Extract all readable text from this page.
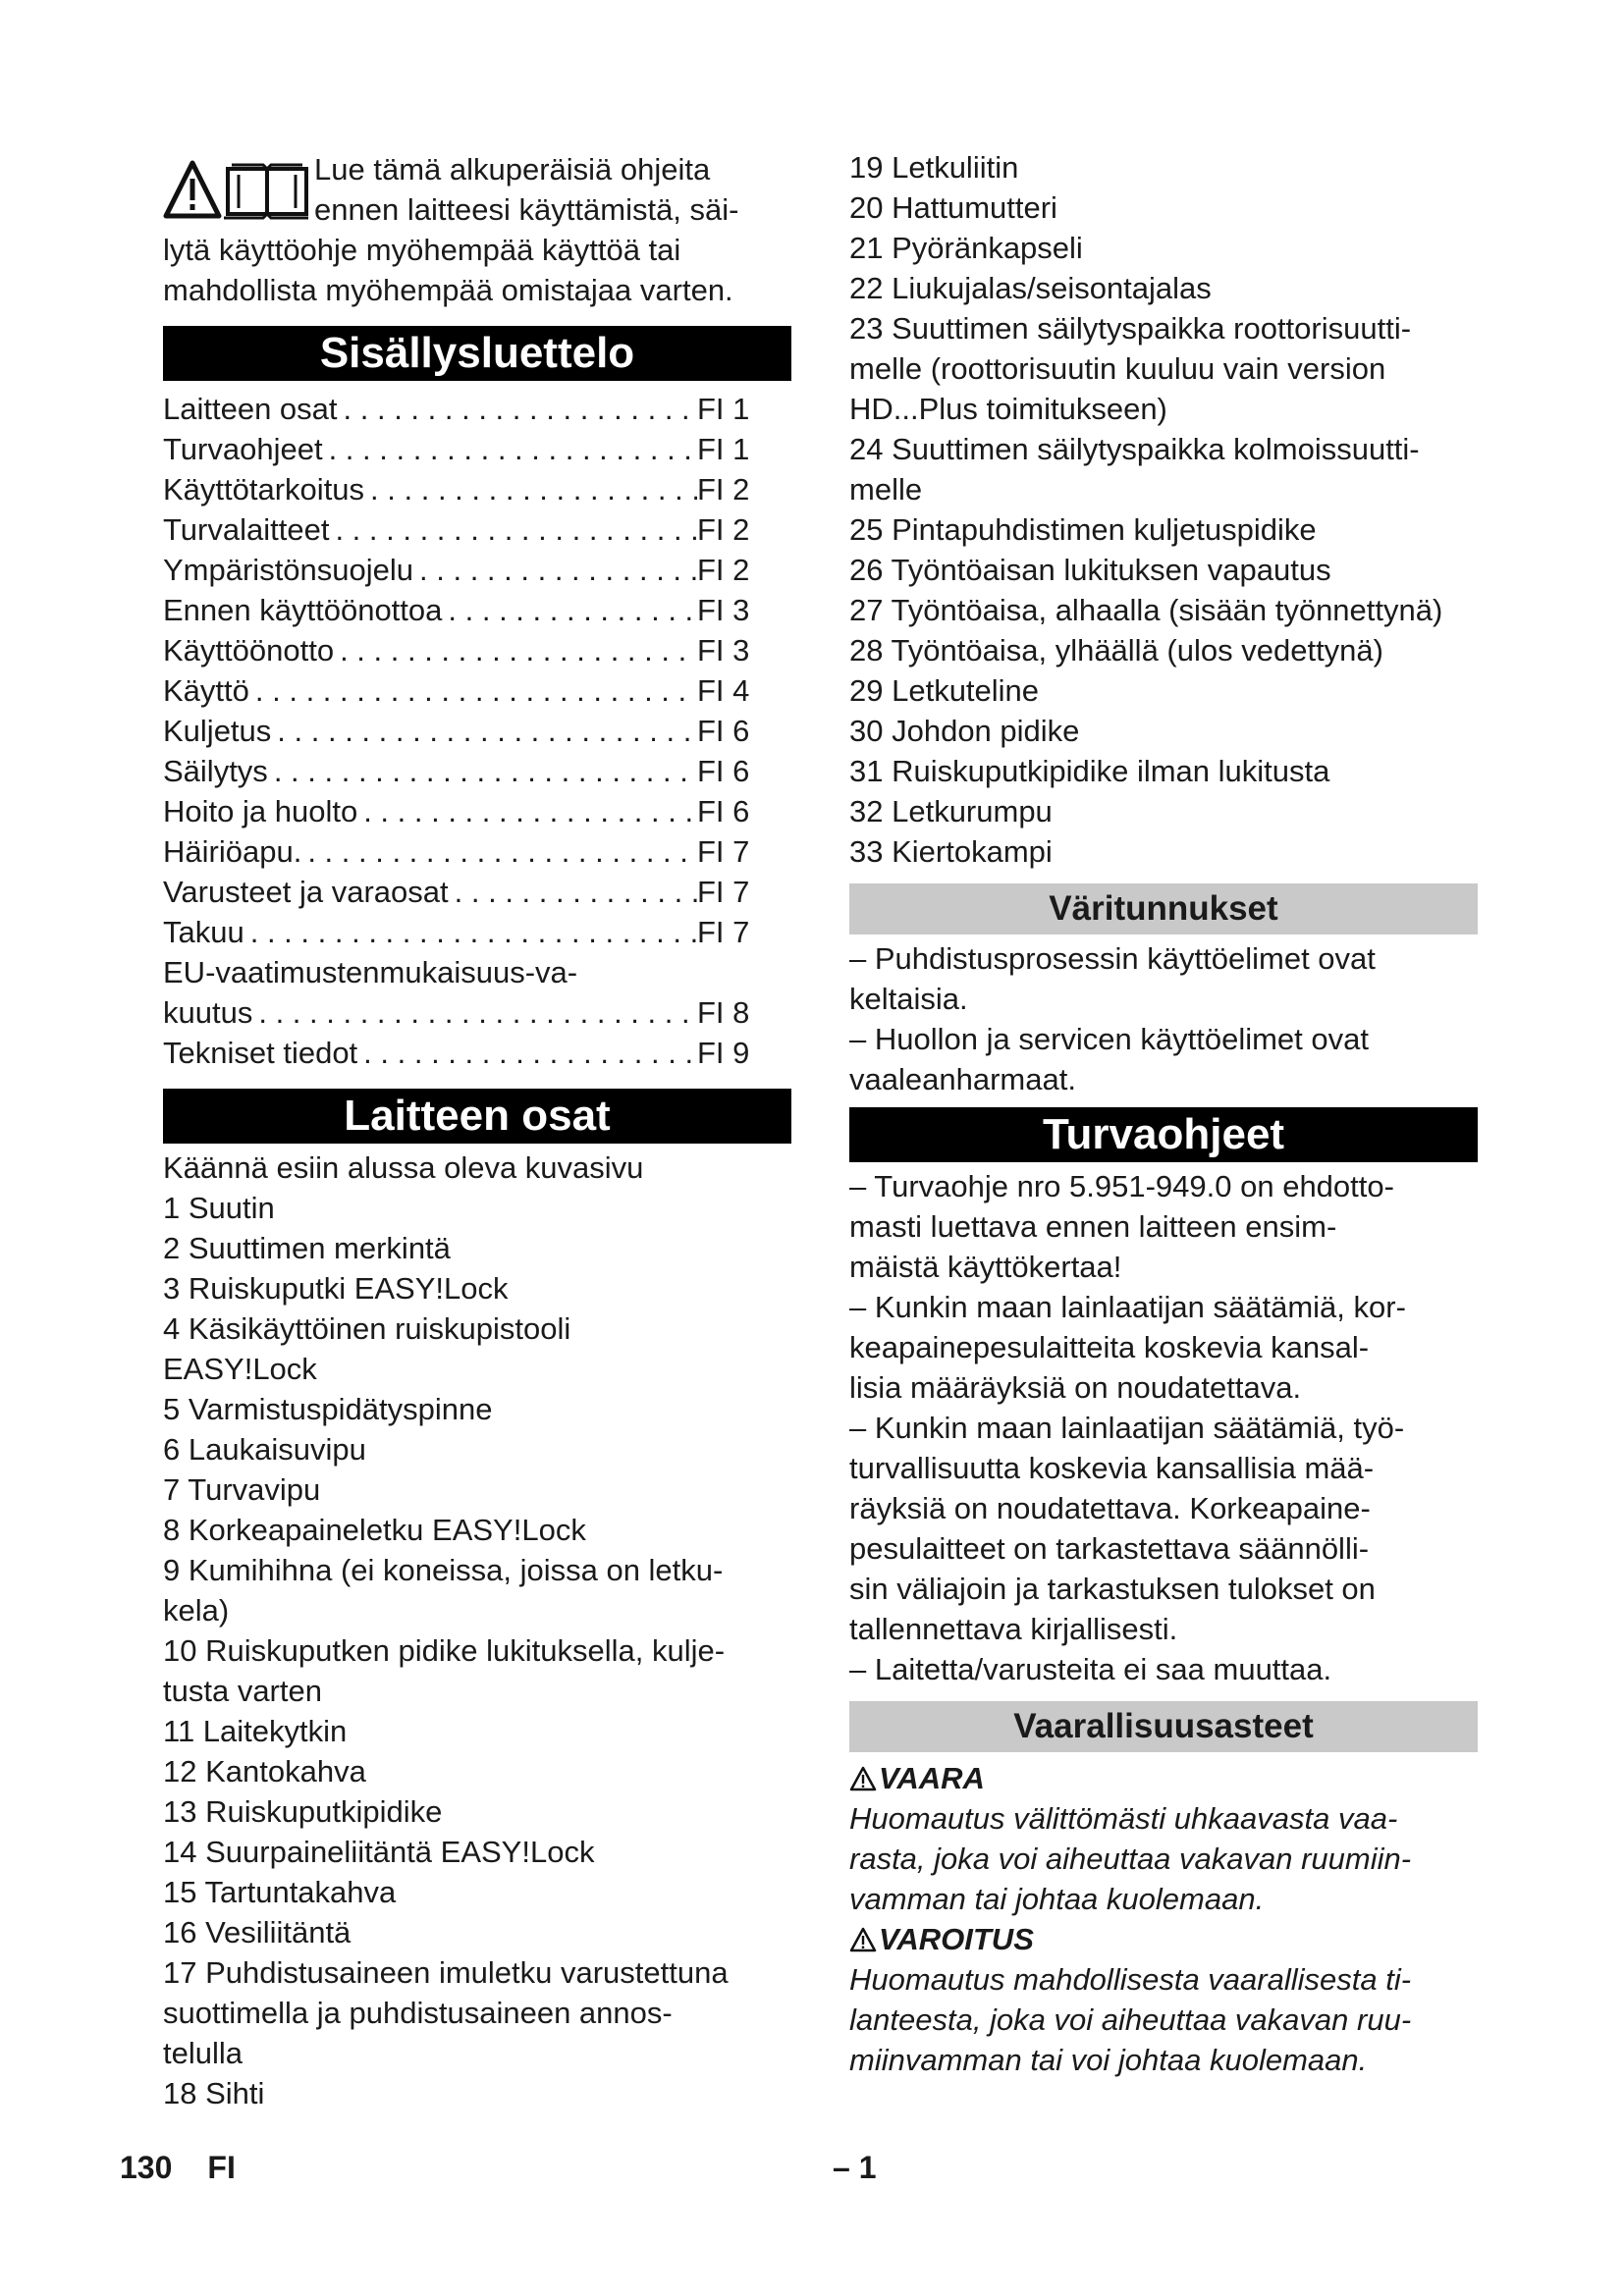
Lue tämä alkuperäisiä ohjeita
ennen laitteesi käyttämistä, säi-
lytä käyttöohje myöhempää käyttöä tai
mahdollista myöhempää omistajaa varten.
Sisällysluettelo
Laitteen osat . . .	FI 1
Turvaohjeet . . .	FI 1
Käyttötarkoitus . . .	FI 2
Turvalaitteet . . .	FI 2
Ympäristönsuojelu . . .	FI 2
Ennen käyttöönottoa . . .	FI 3
Käyttöönotto . . .	FI 3
Käyttö . . .	FI 4
Kuljetus . . .	FI 6
Säilytys . . .	FI 6
Hoito ja huolto . . .	FI 6
Häiriöapu. . . .	FI 7
Varusteet ja varaosat . . .	FI 7
Takuu . . .	FI 7
EU-vaatimustenmukaisuus-va-
kuutus . . .	FI 8
Tekniset tiedot . . .	FI 9
Laitteen osat

Käännä esiin alussa oleva kuvasivu

1 Suutin
2 Suuttimen merkintä
3 Ruiskuputki EASY!Lock
4 Käsikäyttöinen ruiskupistooli
EASY!Lock
5 Varmistuspidätyspinne
6 Laukaisuvipu
7 Turvavipu
8 Korkeapaineletku EASY!Lock
9 Kumihihna (ei koneissa, joissa on letku-
kela)
10 Ruiskuputken pidike lukituksella, kulje-
tusta varten
11 Laitekytkin
12 Kantokahva
13 Ruiskuputkipidike
14 Suurpaineliitäntä EASY!Lock
15 Tartuntakahva
16 Vesiliitäntä
17 Puhdistusaineen imuletku varustettuna
suottimella ja puhdistusaineen annos-
telulla
18 Sihti
19 Letkuliitin
20 Hattumutteri
21 Pyöränkapseli
22 Liukujalas/seisontajalas
23 Suuttimen säilytyspaikka roottorisuutti-
melle (roottorisuutin kuuluu vain version
HD...Plus toimitukseen)
24 Suuttimen säilytyspaikka kolmoissuutti-
melle
25 Pintapuhdistimen kuljetuspidike
26 Työntöaisan lukituksen vapautus
27 Työntöaisa, alhaalla (sisään työnnettynä)
28 Työntöaisa, ylhäällä (ulos vedettynä)
29 Letkuteline
30 Johdon pidike
31 Ruiskuputkipidike ilman lukitusta
32 Letkurumpu
33 Kiertokampi
Väritunnukset
– Puhdistusprosessin käyttöelimet ovat
keltaisia.
– Huollon ja servicen käyttöelimet ovat
vaaleanharmaat.
Turvaohjeet
– Turvaohje nro 5.951-949.0 on ehdotto-
masti luettava ennen laitteen ensim-
mäistä käyttökertaa!
– Kunkin maan lainlaatijan säätämiä, kor-
keapainepesulaitteita koskevia kansal-
lisia määräyksiä on noudatettava.
– Kunkin maan lainlaatijan säätämiä, työ-
turvallisuutta koskevia kansallisia mää-
räyksiä on noudatettava. Korkeapaine-
pesulaitteet on tarkastettava säännölli-
sin väliajoin ja tarkastuksen tulokset on
tallennettava kirjallisesti.
– Laitetta/varusteita ei saa muuttaa.
Vaarallisuusasteet
VAARA
Huomautus välittömästi uhkaavasta vaa-
rasta, joka voi aiheuttaa vakavan ruumiin-
vamman tai johtaa kuolemaan.
VAROITUS
Huomautus mahdollisesta vaarallisesta ti-
lanteesta, joka voi aiheuttaa vakavan ruu-
miinvamman tai voi johtaa kuolemaan.
130 FI	– 1
